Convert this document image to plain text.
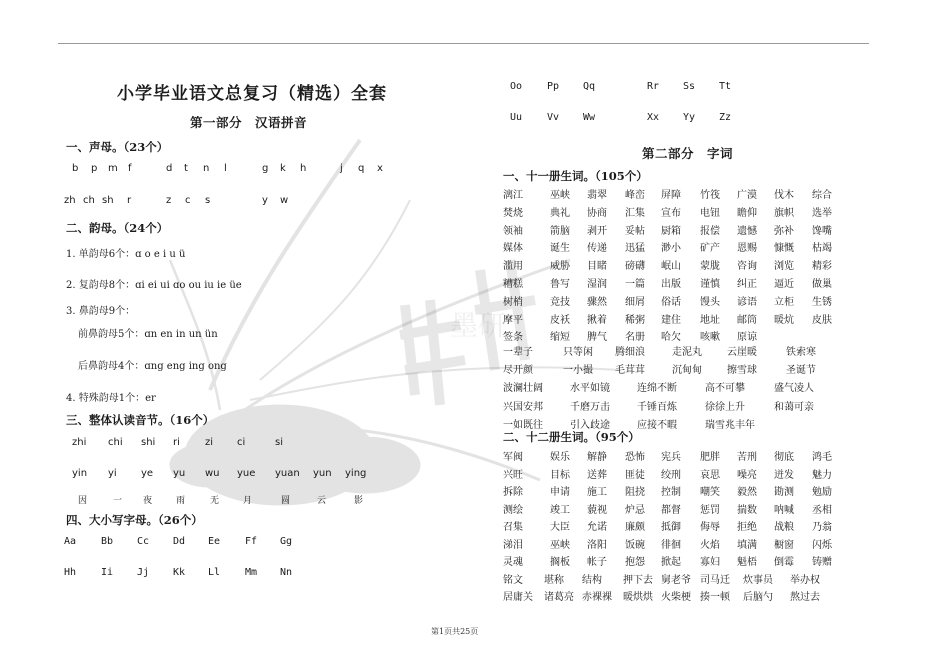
墨研
小学毕业语文总复习（精选）全套
第一部分　汉语拼音
一、声母。（23个）
b p m f	d t n l	g k h	j q x
zh ch sh r	z c s	y w
二、韵母。（24个）
1. 单韵母6个：ɑ o e i u ü
2. 复韵母8个：ɑi ei ui ɑo ou iu ie üe
3. 鼻韵母9个：
前鼻韵母5个：ɑn en in un ün
后鼻韵母4个：ɑng eng ing ong
4. 特殊韵母1个：er
三、整体认读音节。（16个）
zhi chi shi ri	zi ci	si
yin yi ye yu wu yue yuan yun ying
因	一 夜	雨	无	月	圆	云	影
四、大小写字母。（26个）
Aa Bb Cc Dd Ee Ff Gg
Hh Ii Jj Kk Ll Mm Nn
Oo Pp Qq	Rr Ss Tt
Uu Vv Ww	Xx Yy Zz
第二部分　字词
一、十一册生词。（105个）
漓江	巫峡 翡翠 峰峦 屏障 竹筏 广漠 伐木 综合
焚烧	典礼 协商 汇集 宣布 电钮 瞻仰 旗帜 选举
领袖	箭脑 剥开 妥帖 厨箱 报偿 遗憾 弥补 馋嘴
媒体	诞生 传递 迅猛 渺小 矿产 恩赐 慷慨 枯竭
滥用	威胁 目睹 磅礴 岷山 蒙胧 咨询 浏览 精彩
糟糕	鲁写 湿润 一篇 出版 谨慎 纠正 逼近 做巢
树梢	竞技 骤然 细屑 俗话 馒头 谚语 立柜 生锈
摩平	皮袄 揪着 稀粥 建住 地址 邮筒 暖炕 皮肤
签条	缩短 脾气 名册 哈欠 咳嗽 原谅
一辈子	只等闲 腾细浪	走泥丸	云崖暖	铁索寒
尽开颜	一小撮 毛茸茸	沉甸甸	擦雪球	圣诞节
波澜壮阔	水平如镜	连绵不断	高不可攀	盛气凌人
兴国安邦	千磨万击	千锤百炼	徐徐上升	和蔼可亲
一如既往	引入歧途	应接不暇	瑞雪兆丰年
二、十二册生词。（95个）
军阀	娱乐 解静 恐怖 宪兵 肥胖 苦刑 彻底 鸿毛
兴旺	目标 送葬 匪徒 绞刑 哀思 噪亮 迸发 魅力
拆除	申请 施工 阻挠 控制 嘲笑 毅然 勘测 勉励
测绘	竣工 藐视 炉忌 都督 惩罚 揣数 呐喊 丞相
召集	大臣 允诺 廉颇 抵御 侮辱 拒绝 战粮 乃翁
涕泪	巫峡 洛阳 饭碗 徘徊 火焰 填满 橱窗 闪烁
灵魂	搁板 帐子 抱怨 掀起 寡妇 魁梧 倒霉 铸赠
铭文 堪称 结构 押下去 舅老爷 司马迁 炊事员 举办权
居庸关 诸葛亮 赤裸裸 暖烘烘 火柴梗 揍一顿 后脑勺 熬过去
第1页共25页
